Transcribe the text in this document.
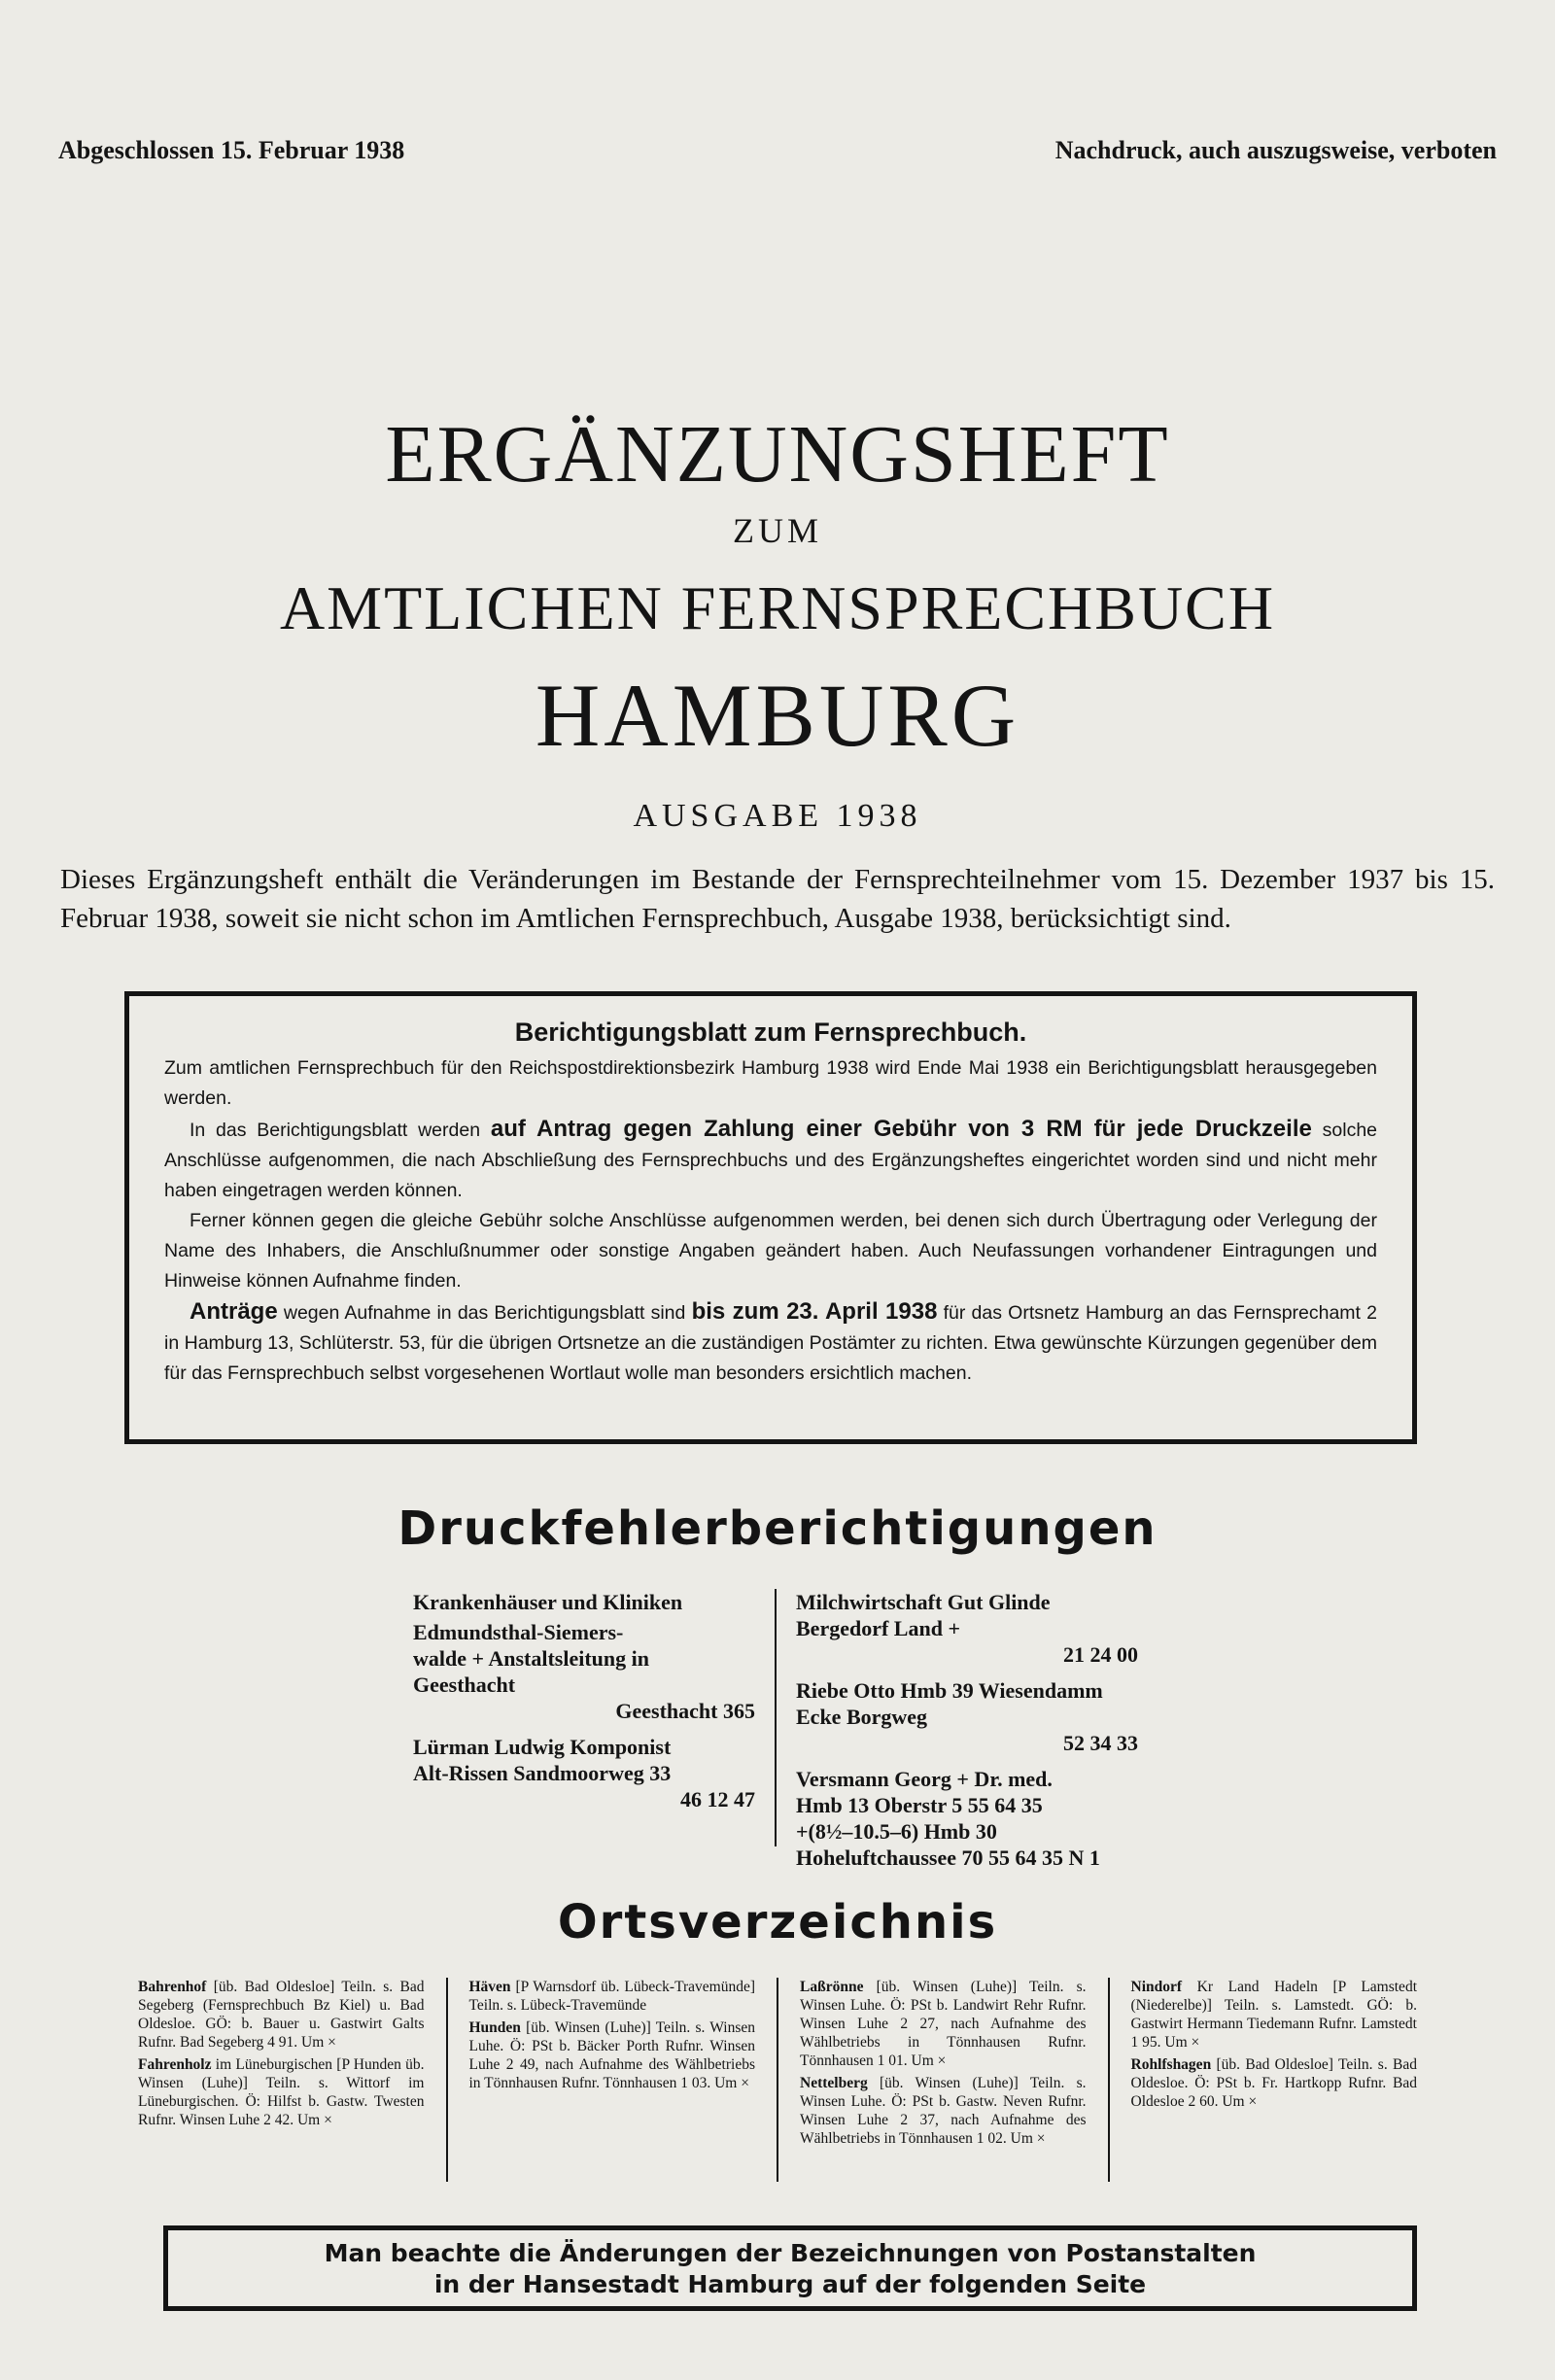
Abgeschlossen 15. Februar 1938	Nachdruck, auch auszugsweise, verboten
ERGÄNZUNGSHEFT
ZUM
AMTLICHEN FERNSPRECHBUCH
HAMBURG
AUSGABE 1938
Dieses Ergänzungsheft enthält die Veränderungen im Bestande der Fernsprechteilnehmer vom 15. Dezember 1937 bis 15. Februar 1938, soweit sie nicht schon im Amtlichen Fernsprechbuch, Ausgabe 1938, berücksichtigt sind.
Berichtigungsblatt zum Fernsprechbuch.

Zum amtlichen Fernsprechbuch für den Reichspostdirektionsbezirk Hamburg 1938 wird Ende Mai 1938 ein Berichtigungsblatt herausgegeben werden.

In das Berichtigungsblatt werden auf Antrag gegen Zahlung einer Gebühr von 3 RM für jede Druckzeile solche Anschlüsse aufgenommen, die nach Abschließung des Fernsprechbuchs und des Ergänzungsheftes eingerichtet worden sind und nicht mehr haben eingetragen werden können.

Ferner können gegen die gleiche Gebühr solche Anschlüsse aufgenommen werden, bei denen sich durch Übertragung oder Verlegung der Name des Inhabers, die Anschlußnummer oder sonstige Angaben geändert haben. Auch Neufassungen vorhandener Eintragungen und Hinweise können Aufnahme finden.

Anträge wegen Aufnahme in das Berichtigungsblatt sind bis zum 23. April 1938 für das Ortsnetz Hamburg an das Fernsprechamt 2 in Hamburg 13, Schlüterstr. 53, für die übrigen Ortsnetze an die zuständigen Postämter zu richten. Etwa gewünschte Kürzungen gegenüber dem für das Fernsprechbuch selbst vorgesehenen Wortlaut wolle man besonders ersichtlich machen.

Druckfehlerberichtigungen
Krankenhäuser und Kliniken
Edmundsthal-Siemers-
walde + Anstaltsleitung in Geesthacht
Geesthacht 365
Lürman Ludwig Komponist
Alt-Rissen Sandmoorweg 33
46 12 47
Milchwirtschaft Gut Glinde
Bergedorf Land +
21 24 00
Riebe Otto Hmb 39 Wiesendamm Ecke Borgweg
52 34 33
Versmann Georg + Dr. med.
Hmb 13 Oberstr 5 55 64 35
+(8½–10.5–6) Hmb 30 Hoheluftchaussee 70 55 64 35 N 1
Ortsverzeichnis
Bahrenhof [üb. Bad Oldesloe] Teiln. s. Bad Segeberg (Fernsprechbuch Bz Kiel) u. Bad Oldesloe. GÖ: b. Bauer u. Gastwirt Galts Rufnr. Bad Segeberg 4 91. Um ×
Fahrenholz im Lüneburgischen [P Hunden üb. Winsen (Luhe)] Teiln. s. Wittorf im Lüneburgischen. Ö: Hilfst b. Gastw. Twesten Rufnr. Winsen Luhe 2 42. Um ×
Häven [P Warnsdorf üb. Lübeck-Travemünde] Teiln. s. Lübeck-Travemünde
Hunden [üb. Winsen (Luhe)] Teiln. s. Winsen Luhe. Ö: PSt b. Bäcker Porth Rufnr. Winsen Luhe 2 49, nach Aufnahme des Wählbetriebs in Tönnhausen Rufnr. Tönnhausen 1 03. Um ×
Laßrönne [üb. Winsen (Luhe)] Teiln. s. Winsen Luhe. Ö: PSt b. Landwirt Rehr Rufnr. Winsen Luhe 2 27, nach Aufnahme des Wählbetriebs in Tönnhausen Rufnr. Tönnhausen 1 01. Um ×
Nettelberg [üb. Winsen (Luhe)] Teiln. s. Winsen Luhe. Ö: PSt b. Gastw. Neven Rufnr. Winsen Luhe 2 37, nach Aufnahme des Wählbetriebs in Tönnhausen 1 02. Um ×
Nindorf Kr Land Hadeln [P Lamstedt (Niederelbe)] Teiln. s. Lamstedt. GÖ: b. Gastwirt Hermann Tiedemann Rufnr. Lamstedt 1 95. Um ×
Rohlfshagen [üb. Bad Oldesloe] Teiln. s. Bad Oldesloe. Ö: PSt b. Fr. Hartkopp Rufnr. Bad Oldesloe 2 60. Um ×
Man beachte die Änderungen der Bezeichnungen von Postanstalten
in der Hansestadt Hamburg auf der folgenden Seite
